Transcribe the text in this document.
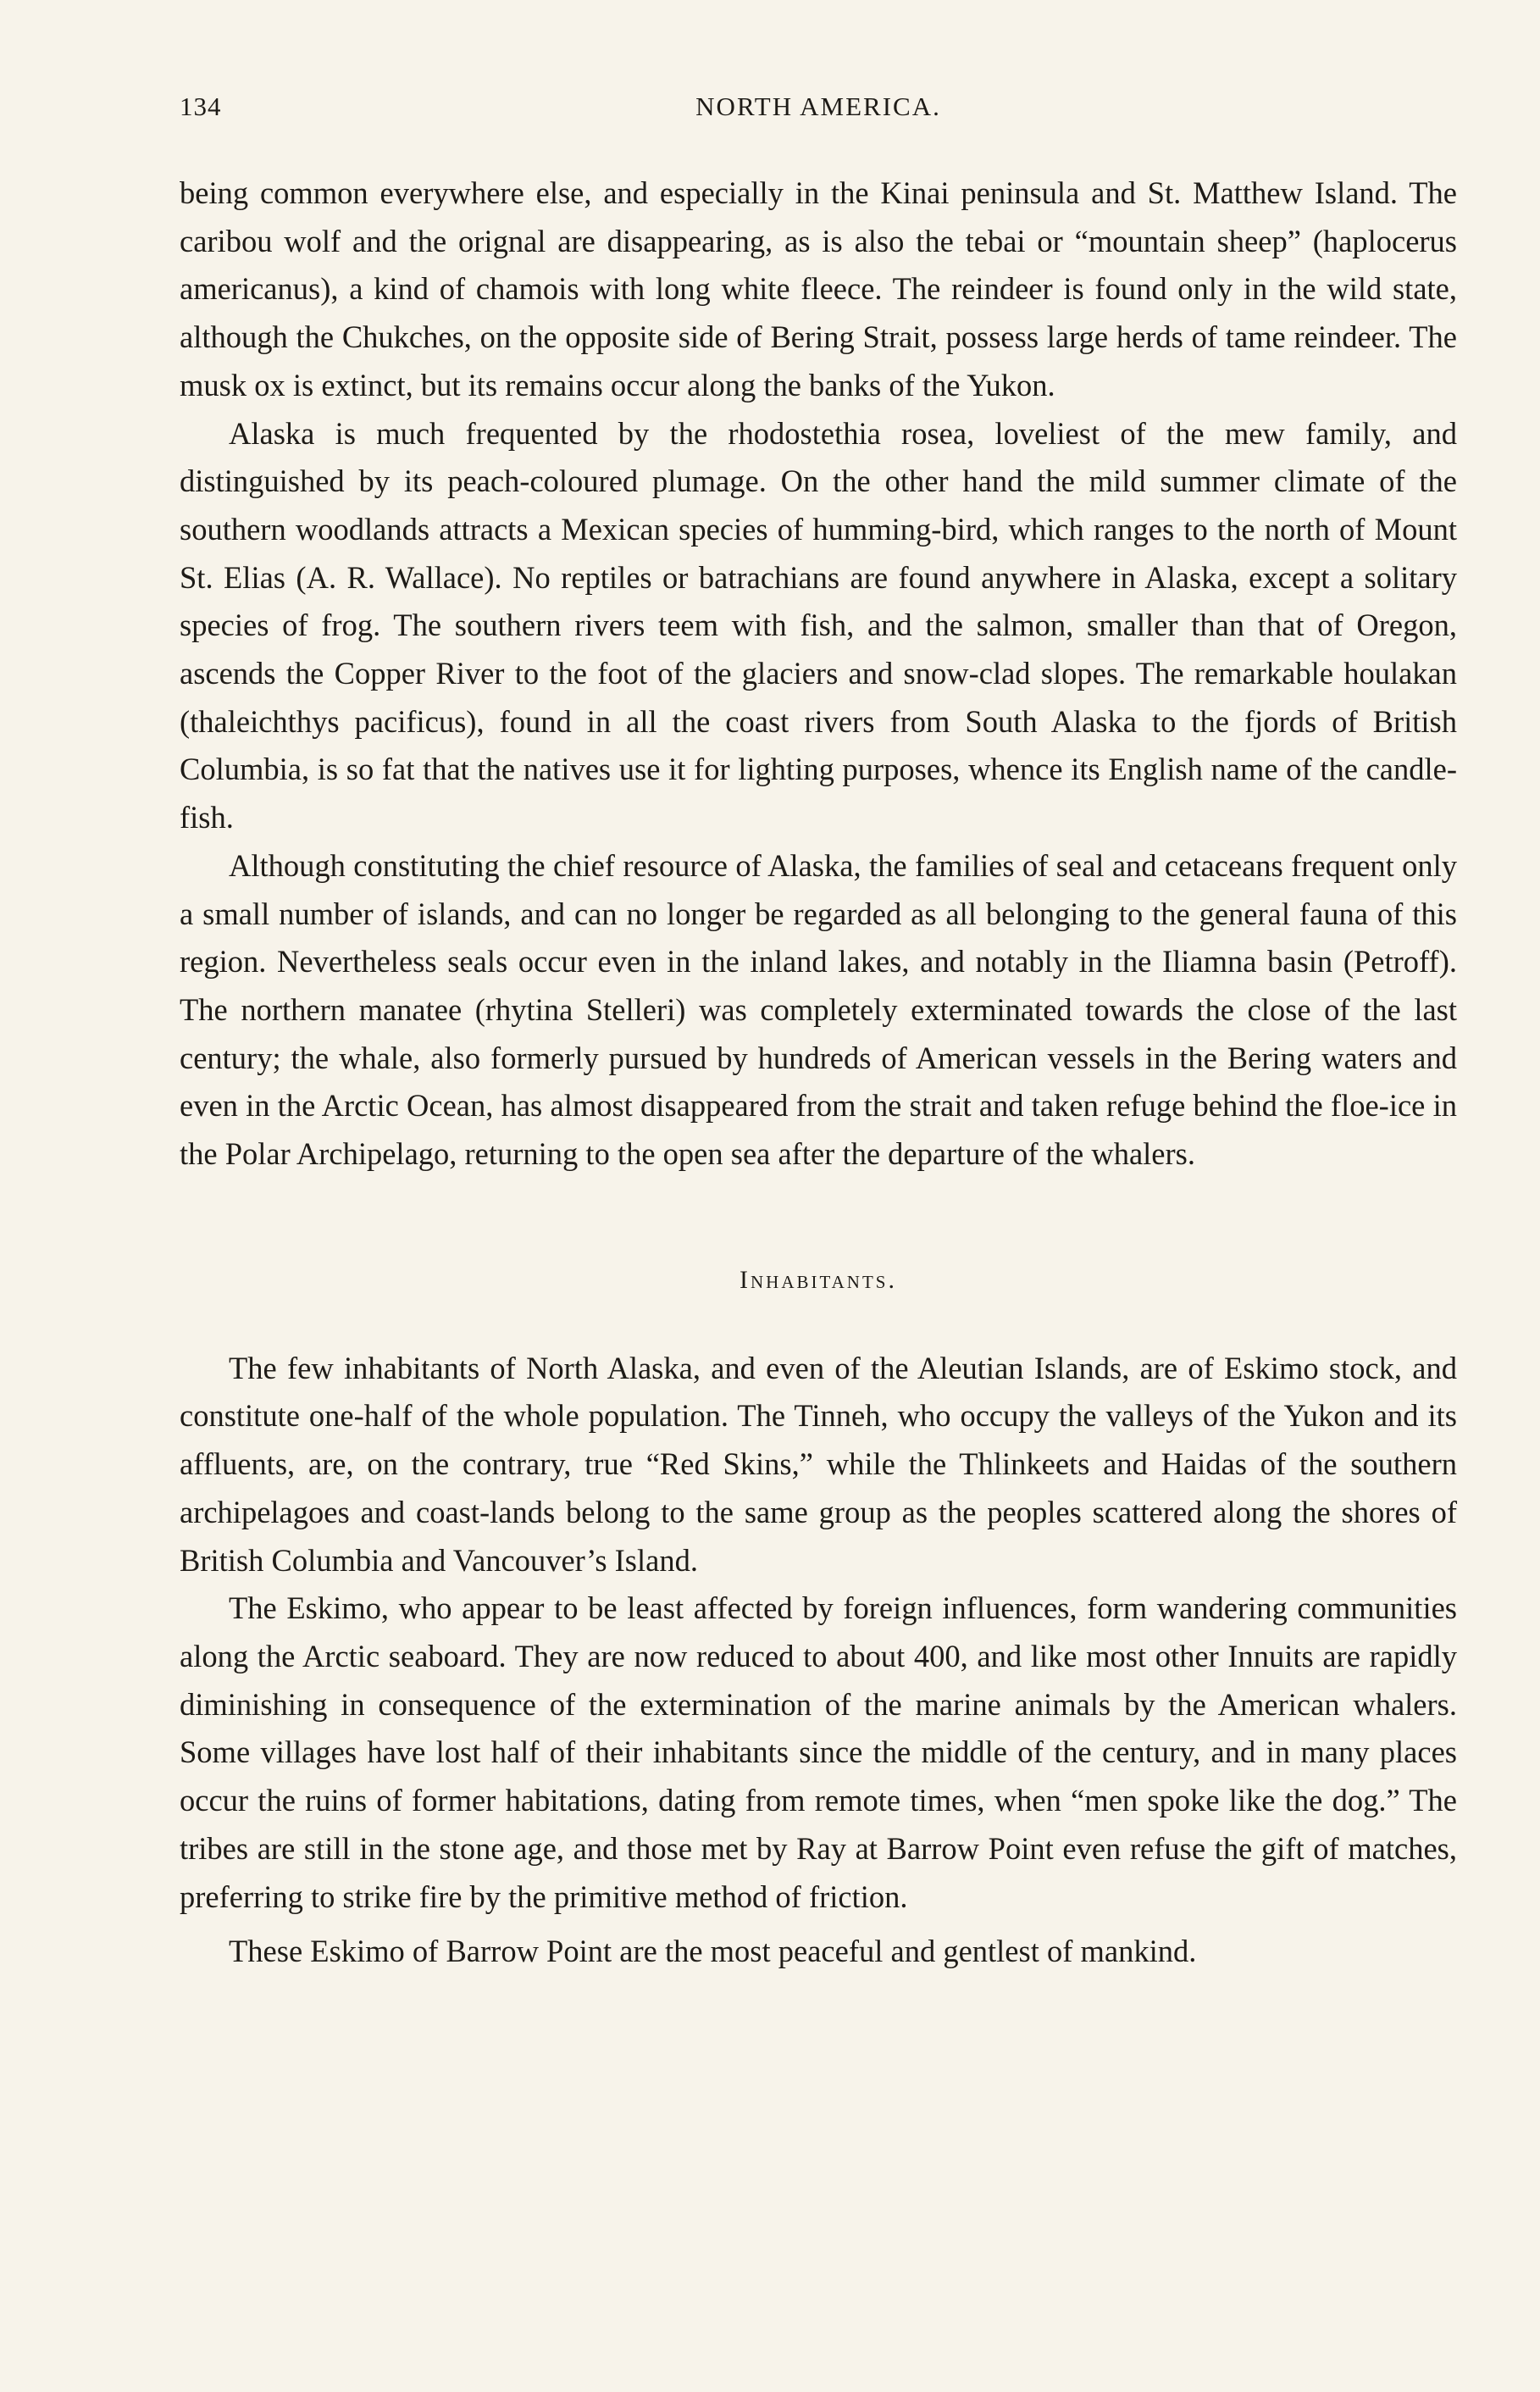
134	NORTH AMERICA.

being common everywhere else, and especially in the Kinai peninsula and St. Matthew Island. The caribou wolf and the orignal are disappearing, as is also the tebai or “mountain sheep” (haplocerus americanus), a kind of chamois with long white fleece. The reindeer is found only in the wild state, although the Chukches, on the opposite side of Bering Strait, possess large herds of tame reindeer. The musk ox is extinct, but its remains occur along the banks of the Yukon.

Alaska is much frequented by the rhodostethia rosea, loveliest of the mew family, and distinguished by its peach-coloured plumage. On the other hand the mild summer climate of the southern woodlands attracts a Mexican species of humming-bird, which ranges to the north of Mount St. Elias (A. R. Wallace). No reptiles or batrachians are found anywhere in Alaska, except a solitary species of frog. The southern rivers teem with fish, and the salmon, smaller than that of Oregon, ascends the Copper River to the foot of the glaciers and snow-clad slopes. The remarkable houlakan (thaleichthys pacificus), found in all the coast rivers from South Alaska to the fjords of British Columbia, is so fat that the natives use it for lighting purposes, whence its English name of the candle-fish.

Although constituting the chief resource of Alaska, the families of seal and cetaceans frequent only a small number of islands, and can no longer be regarded as all belonging to the general fauna of this region. Nevertheless seals occur even in the inland lakes, and notably in the Iliamna basin (Petroff). The northern manatee (rhytina Stelleri) was completely exterminated towards the close of the last century; the whale, also formerly pursued by hundreds of American vessels in the Bering waters and even in the Arctic Ocean, has almost disappeared from the strait and taken refuge behind the floe-ice in the Polar Archipelago, returning to the open sea after the departure of the whalers.

Inhabitants.

The few inhabitants of North Alaska, and even of the Aleutian Islands, are of Eskimo stock, and constitute one-half of the whole population. The Tinneh, who occupy the valleys of the Yukon and its affluents, are, on the contrary, true “Red Skins,” while the Thlinkeets and Haidas of the southern archipelagoes and coast-lands belong to the same group as the peoples scattered along the shores of British Columbia and Vancouver’s Island.

The Eskimo, who appear to be least affected by foreign influences, form wandering communities along the Arctic seaboard. They are now reduced to about 400, and like most other Innuits are rapidly diminishing in consequence of the extermination of the marine animals by the American whalers. Some villages have lost half of their inhabitants since the middle of the century, and in many places occur the ruins of former habitations, dating from remote times, when “men spoke like the dog.” The tribes are still in the stone age, and those met by Ray at Barrow Point even refuse the gift of matches, preferring to strike fire by the primitive method of friction.

These Eskimo of Barrow Point are the most peaceful and gentlest of mankind.
